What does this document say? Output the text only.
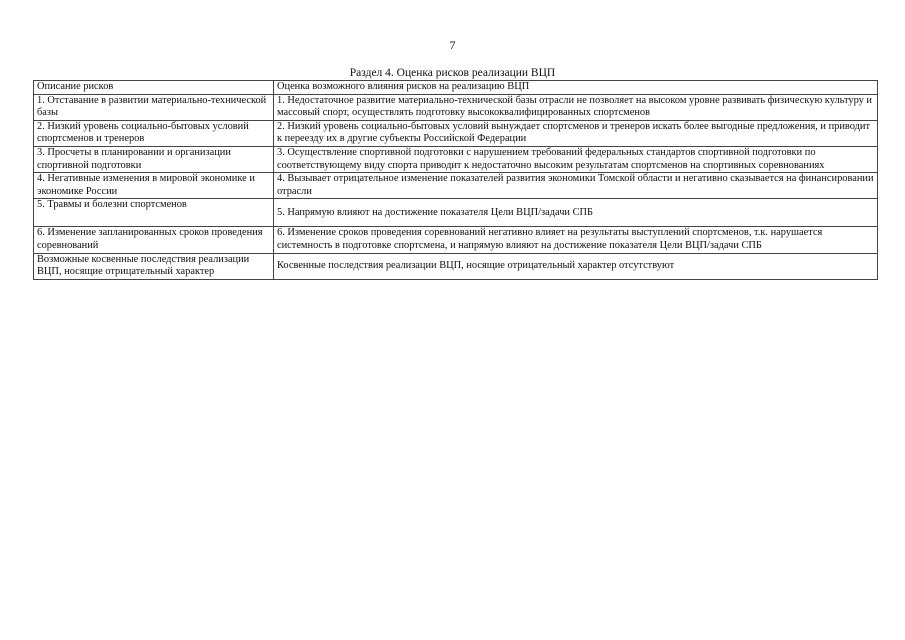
7
Раздел 4. Оценка рисков реализации ВЦП
Описание рисков	Оценка возможного влияния рисков на реализацию ВЦП
1. Отставание в развитии материально-технической базы	1. Недостаточное развитие материально-технической базы отрасли не позволяет на высоком уровне развивать физическую культуру и массовый спорт, осуществлять подготовку высококвалифицированных спортсменов
2. Низкий уровень социально-бытовых условий спортсменов и тренеров	2. Низкий уровень социально-бытовых условий вынуждает спортсменов и тренеров искать более выгодные предложения, и приводит к переезду их в другие субъекты Российской Федерации
3. Просчеты в планировании и организации спортивной подготовки	3. Осуществление спортивной подготовки с нарушением требований федеральных стандартов спортивной подготовки по соответствующему виду спорта приводит к недостаточно высоким результатам спортсменов на спортивных соревнованиях
4. Негативные изменения в мировой экономике и экономике России	4. Вызывает отрицательное изменение показателей развития экономики Томской области и негативно сказывается на финансировании отрасли
5. Травмы и болезни спортсменов	5. Напрямую влияют на достижение показателя Цели ВЦП/задачи СПБ
6. Изменение запланированных сроков проведения соревнований	6. Изменение сроков проведения соревнований негативно влияет на результаты выступлений спортсменов, т.к. нарушается системность в подготовке спортсмена, и напрямую влияют на достижение показателя Цели ВЦП/задачи СПБ
Возможные косвенные последствия реализации ВЦП, носящие отрицательный характер	Косвенные последствия реализации ВЦП, носящие отрицательный характер отсутствуют
